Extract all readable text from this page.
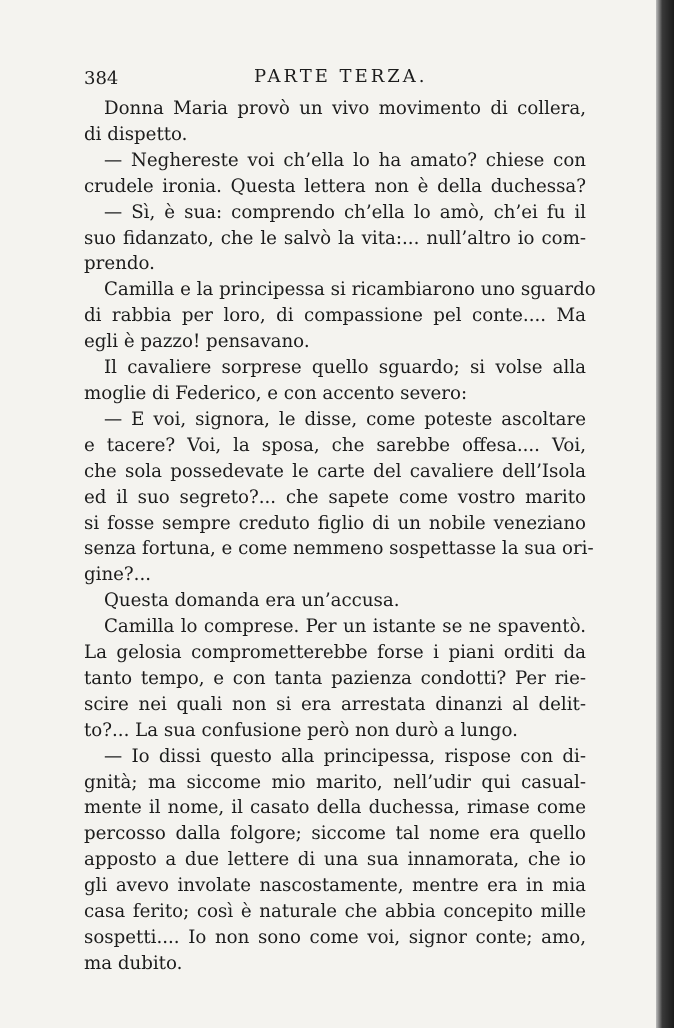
384	PARTE TERZA.
Donna Maria provò un vivo movimento di collera,
di dispetto.
— Neghereste voi ch’ella lo ha amato? chiese con
crudele ironia. Questa lettera non è della duchessa?
— Sì, è sua: comprendo ch’ella lo amò, ch’ei fu il
suo fidanzato, che le salvò la vita:... null’altro io com-
prendo.
Camilla e la principessa si ricambiarono uno sguardo
di rabbia per loro, di compassione pel conte.... Ma
egli è pazzo! pensavano.
Il cavaliere sorprese quello sguardo; si volse alla
moglie di Federico, e con accento severo:
— E voi, signora, le disse, come poteste ascoltare
e tacere? Voi, la sposa, che sarebbe offesa.... Voi,
che sola possedevate le carte del cavaliere dell’Isola
ed il suo segreto?... che sapete come vostro marito
si fosse sempre creduto figlio di un nobile veneziano
senza fortuna, e come nemmeno sospettasse la sua ori-
gine?...
Questa domanda era un’accusa.
Camilla lo comprese. Per un istante se ne spaventò.
La gelosia comprometterebbe forse i piani orditi da
tanto tempo, e con tanta pazienza condotti? Per rie-
scire nei quali non si era arrestata dinanzi al delit-
to?... La sua confusione però non durò a lungo.
— Io dissi questo alla principessa, rispose con di-
gnità; ma siccome mio marito, nell’udir qui casual-
mente il nome, il casato della duchessa, rimase come
percosso dalla folgore; siccome tal nome era quello
apposto a due lettere di una sua innamorata, che io
gli avevo involate nascostamente, mentre era in mia
casa ferito; così è naturale che abbia concepito mille
sospetti.... Io non sono come voi, signor conte; amo,
ma dubito.
